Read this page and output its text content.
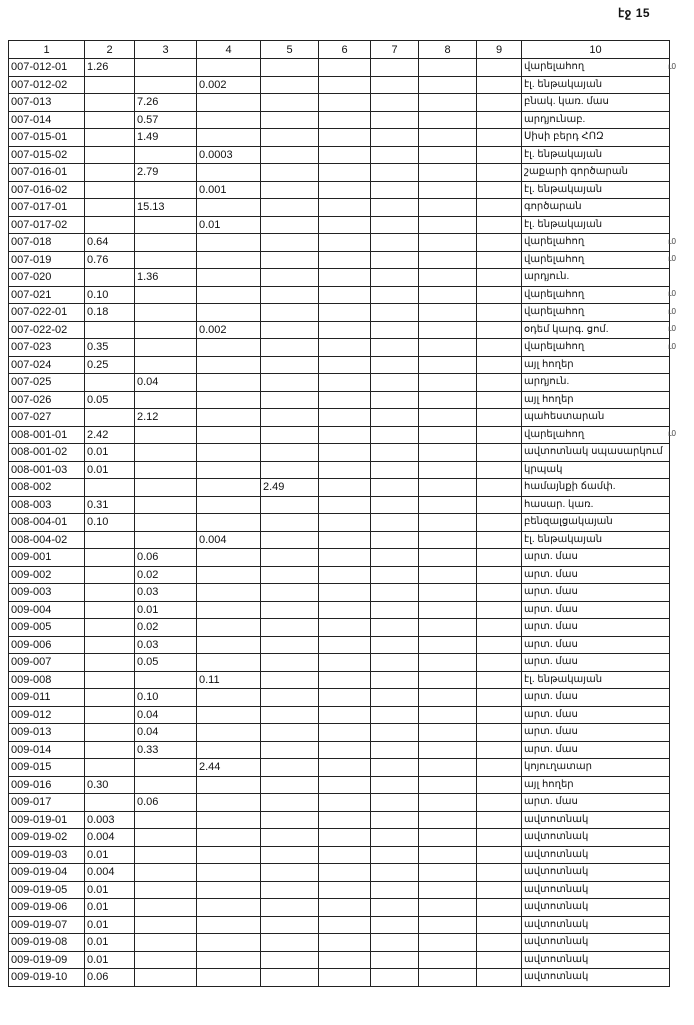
էջ 15
1	2	3	4	5	6	7	8	9	10
007-012-01	1.26								վարելահող
007-012-02			0.002						էլ. ենթակայան
007-013		7.26							բնակ. կառ. մաս
007-014		0.57							արդյունաբ.
007-015-01		1.49							Սիսի բերդ ՀՈԶ
007-015-02			0.0003						էլ. ենթակայան
007-016-01		2.79							շաքարի գործարան
007-016-02			0.001						էլ. ենթակայան
007-017-01		15.13							գործարան
007-017-02			0.01						էլ. ենթակայան
007-018	0.64								վարելահող
007-019	0.76								վարելահող
007-020		1.36							արդյուն.
007-021	0.10								վարելահող
007-022-01	0.18								վարելահող
007-022-02			0.002						օդեմ կարգ. ցոմ.
007-023	0.35								վարելահող
007-024	0.25								այլ հողեր
007-025		0.04							արդյուն.
007-026	0.05								այլ հողեր
007-027		2.12							պահեստարան
008-001-01	2.42								վարելահող
008-001-02	0.01								ավտոտնակ սպասարկում
008-001-03	0.01								կրպակ
008-002				2.49					համայնքի ճամփ.
008-003	0.31								հասար. կառ.
008-004-01	0.10								բենզալցակայան
008-004-02			0.004						էլ. ենթակայան
009-001		0.06							արտ. մաս
009-002		0.02							արտ. մաս
009-003		0.03							արտ. մաս
009-004		0.01							արտ. մաս
009-005		0.02							արտ. մաս
009-006		0.03							արտ. մաս
009-007		0.05							արտ. մաս
009-008			0.11						էլ. ենթակայան
009-011		0.10							արտ. մաս
009-012		0.04							արտ. մաս
009-013		0.04							արտ. մաս
009-014		0.33							արտ. մաս
009-015			2.44						կոյուղատար
009-016	0.30								այլ հողեր
009-017		0.06							արտ. մաս
009-019-01	0.003								ավտոտնակ
009-019-02	0.004								ավտոտնակ
009-019-03	0.01								ավտոտնակ
009-019-04	0.004								ավտոտնակ
009-019-05	0.01								ավտոտնակ
009-019-06	0.01								ավտոտնակ
009-019-07	0.01								ավտոտնակ
009-019-08	0.01								ավտոտնակ
009-019-09	0.01								ավտոտնակ
009-019-10	0.06								ավտոտնակ
ւ0
ւ0
ւ0
ւ0
ւ0
ւ0
ւ0
ւ0
